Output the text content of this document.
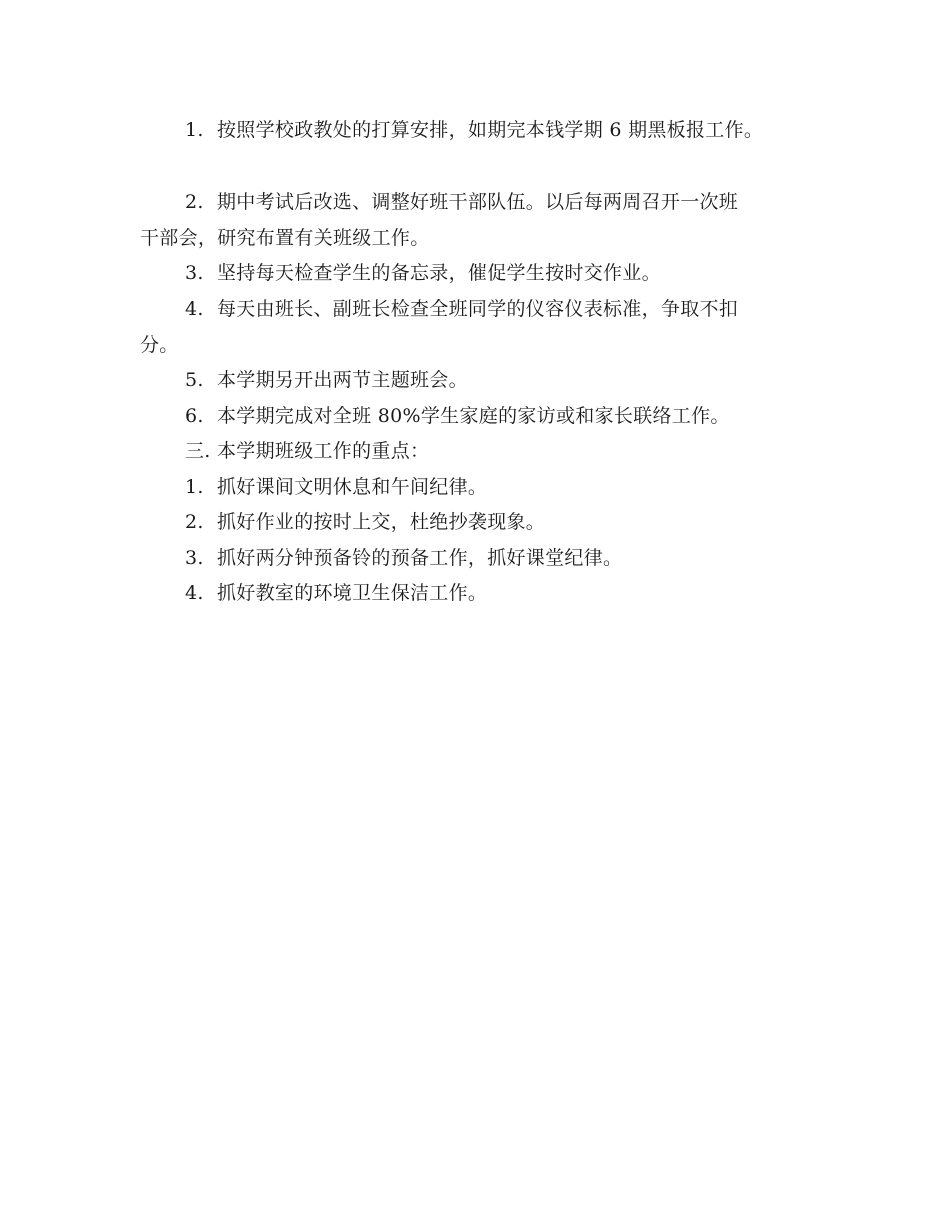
1. 按照学校政教处的打算安排，如期完本钱学期 6 期黑板报工作。
2. 期中考试后改选、调整好班干部队伍。以后每两周召开一次班
干部会，研究布置有关班级工作。
3. 坚持每天检查学生的备忘录，催促学生按时交作业。
4. 每天由班长、副班长检查全班同学的仪容仪表标准，争取不扣
分。
5. 本学期另开出两节主题班会。
6. 本学期完成对全班 80%学生家庭的家访或和家长联络工作。
三. 本学期班级工作的重点：
1. 抓好课间文明休息和午间纪律。
2. 抓好作业的按时上交，杜绝抄袭现象。
3. 抓好两分钟预备铃的预备工作，抓好课堂纪律。
4. 抓好教室的环境卫生保洁工作。
